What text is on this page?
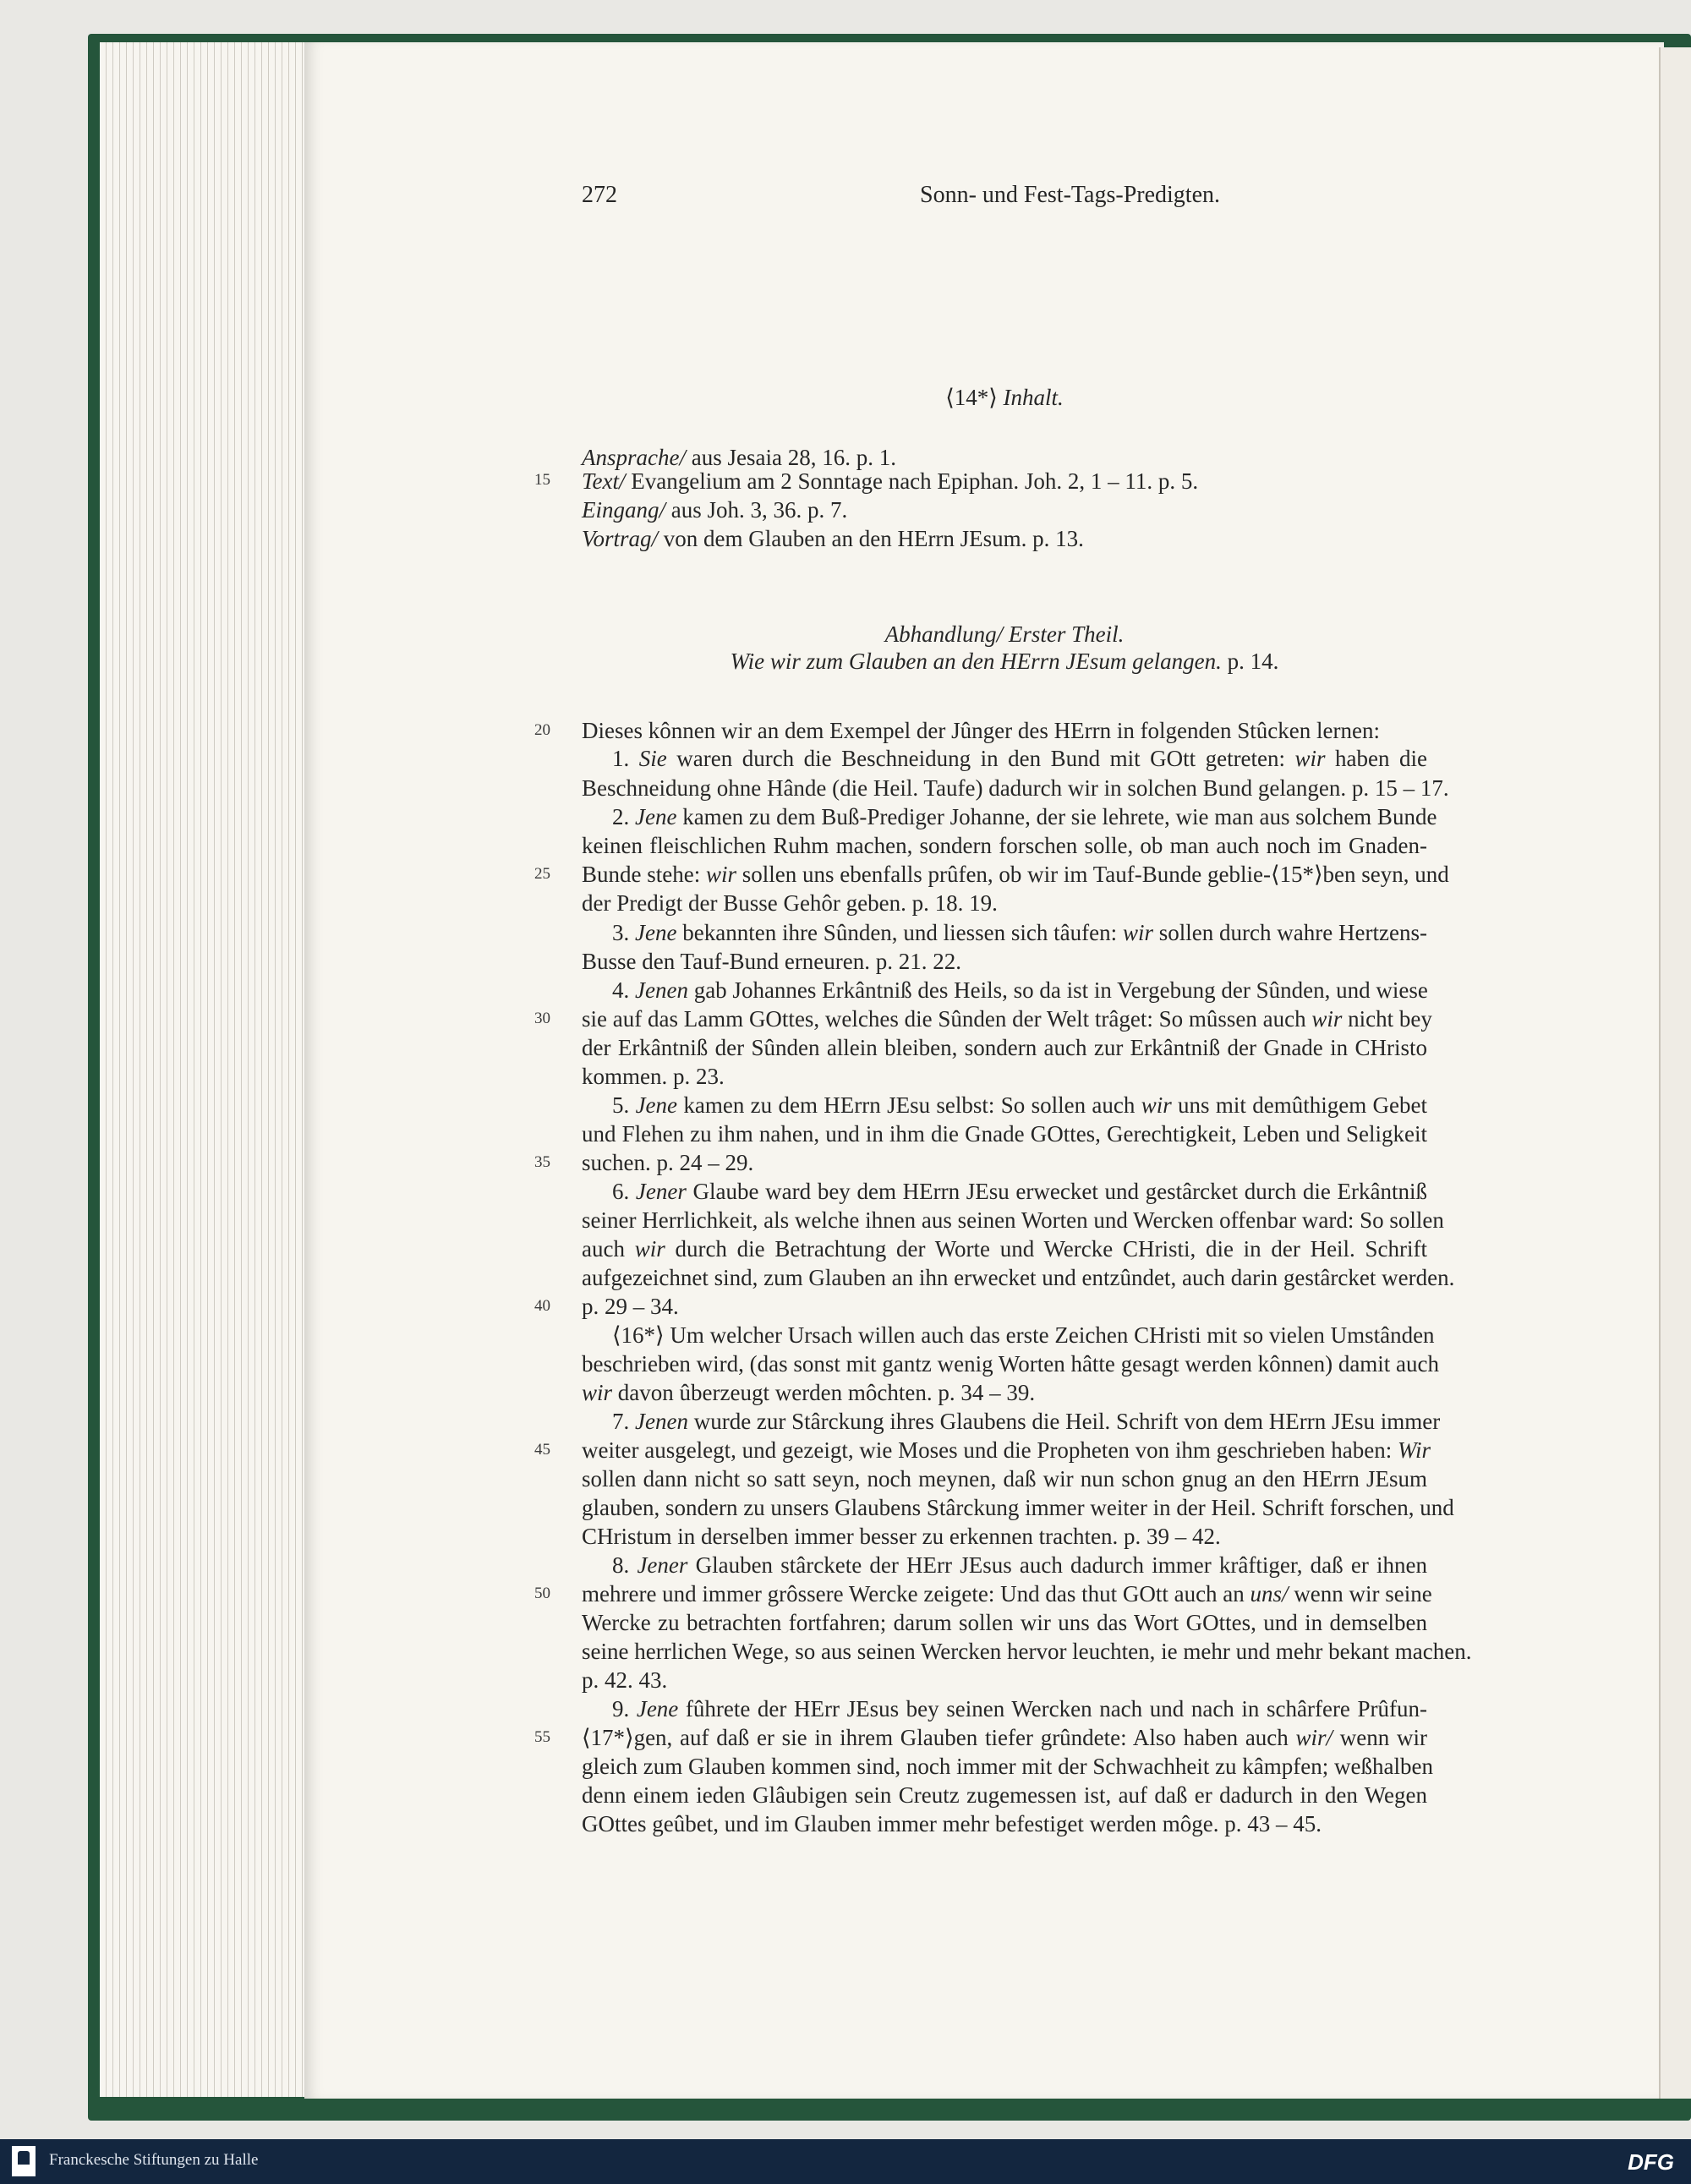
272	Sonn- und Fest-Tags-Predigten.
⟨14*⟩ Inhalt.
Ansprache/ aus Jesaia 28, 16. p. 1.
Text/ Evangelium am 2 Sonntage nach Epiphan. Joh. 2, 1 – 11. p. 5.
Eingang/ aus Joh. 3, 36. p. 7.
Vortrag/ von dem Glauben an den HErrn JEsum. p. 13.
Abhandlung/ Erster Theil.
Wie wir zum Glauben an den HErrn JEsum gelangen. p. 14.
Dieses kônnen wir an dem Exempel der Jûnger des HErrn in folgenden Stûcken lernen:
1. Sie waren durch die Beschneidung in den Bund mit GOtt getreten: wir haben die
Beschneidung ohne Hânde (die Heil. Taufe) dadurch wir in solchen Bund gelangen. p. 15 – 17.
2. Jene kamen zu dem Buß-Prediger Johanne, der sie lehrete, wie man aus solchem Bunde
keinen fleischlichen Ruhm machen, sondern forschen solle, ob man auch noch im Gnaden-
Bunde stehe: wir sollen uns ebenfalls prûfen, ob wir im Tauf-Bunde geblie-⟨15*⟩ben seyn, und
der Predigt der Busse Gehôr geben. p. 18. 19.
3. Jene bekannten ihre Sûnden, und liessen sich tâufen: wir sollen durch wahre Hertzens-
Busse den Tauf-Bund erneuren. p. 21. 22.
4. Jenen gab Johannes Erkântniß des Heils, so da ist in Vergebung der Sûnden, und wiese
sie auf das Lamm GOttes, welches die Sûnden der Welt trâget: So mûssen auch wir nicht bey
der Erkântniß der Sûnden allein bleiben, sondern auch zur Erkântniß der Gnade in CHristo
kommen. p. 23.
5. Jene kamen zu dem HErrn JEsu selbst: So sollen auch wir uns mit demûthigem Gebet
und Flehen zu ihm nahen, und in ihm die Gnade GOttes, Gerechtigkeit, Leben und Seligkeit
suchen. p. 24 – 29.
6. Jener Glaube ward bey dem HErrn JEsu erwecket und gestârcket durch die Erkântniß
seiner Herrlichkeit, als welche ihnen aus seinen Worten und Wercken offenbar ward: So sollen
auch wir durch die Betrachtung der Worte und Wercke CHristi, die in der Heil. Schrift
aufgezeichnet sind, zum Glauben an ihn erwecket und entzûndet, auch darin gestârcket werden.
p. 29 – 34.
⟨16*⟩ Um welcher Ursach willen auch das erste Zeichen CHristi mit so vielen Umstânden
beschrieben wird, (das sonst mit gantz wenig Worten hâtte gesagt werden kônnen) damit auch
wir davon ûberzeugt werden môchten. p. 34 – 39.
7. Jenen wurde zur Stârckung ihres Glaubens die Heil. Schrift von dem HErrn JEsu immer
weiter ausgelegt, und gezeigt, wie Moses und die Propheten von ihm geschrieben haben: Wir
sollen dann nicht so satt seyn, noch meynen, daß wir nun schon gnug an den HErrn JEsum
glauben, sondern zu unsers Glaubens Stârckung immer weiter in der Heil. Schrift forschen, und
CHristum in derselben immer besser zu erkennen trachten. p. 39 – 42.
8. Jener Glauben stârckete der HErr JEsus auch dadurch immer krâftiger, daß er ihnen
mehrere und immer grôssere Wercke zeigete: Und das thut GOtt auch an uns/ wenn wir seine
Wercke zu betrachten fortfahren; darum sollen wir uns das Wort GOttes, und in demselben
seine herrlichen Wege, so aus seinen Wercken hervor leuchten, ie mehr und mehr bekant machen.
p. 42. 43.
9. Jene fûhrete der HErr JEsus bey seinen Wercken nach und nach in schârfere Prûfun-
⟨17*⟩gen, auf daß er sie in ihrem Glauben tiefer grûndete: Also haben auch wir/ wenn wir
gleich zum Glauben kommen sind, noch immer mit der Schwachheit zu kâmpfen; weßhalben
denn einem ieden Glâubigen sein Creutz zugemessen ist, auf daß er dadurch in den Wegen
GOttes geûbet, und im Glauben immer mehr befestiget werden môge. p. 43 – 45.
15
20
25
30
35
40
45
50
55
Franckesche Stiftungen zu Halle	DFG
